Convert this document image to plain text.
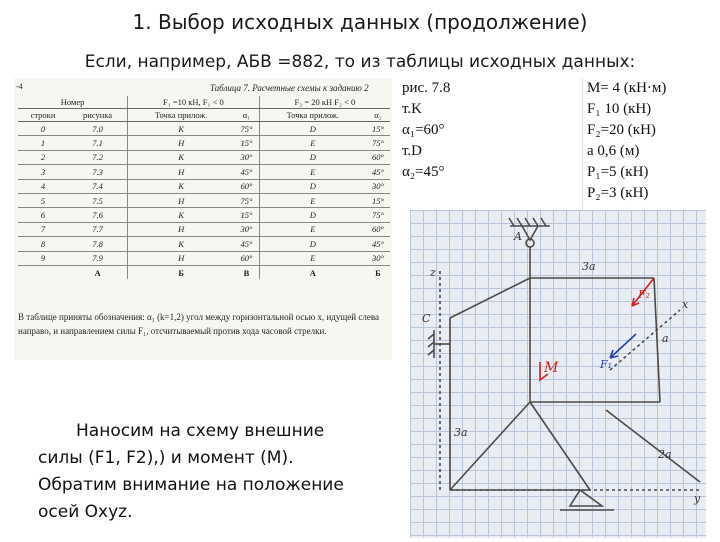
1. Выбор исходных данных (продолжение)
Если, например, АБВ =882, то из таблицы исходных данных:
-4	Таблица 7. Расчетные схемы к заданию 2
Номер		F₁ =10 кН, F₁ < 0		F₂ = 20 кН F₂ < 0	
строки	рисунка	Точка прилож.	α₁	Точка прилож.	α₂
0	7.0	K	75°	D	15°
1	7.1	H	15°	E	75°
2	7.2	K	30°	D	60°
3	7.3	H	45°	E	45°
4	7.4	K	60°	D	30°
5	7.5	H	75°	E	15°
6	7.6	K	15°	D	75°
7	7.7	H	30°	E	60°
8	7.8	K	45°	D	45°
9	7.9	H	60°	E	30°
	А	Б	В	А	Б
В таблице приняты обозначения: α₁ (k=1,2) угол между горизонтальной осью x, идущей слева направо, и направлением силы F₁, отсчитываемый против хода часовой стрелки.
рис. 7.8
т.K
α₁=60°
т.D
α₂=45°
M= 4 (кН·м)
F₁ 10 (кН)
F₂=20 (кН)
a 0,6 (м)
P₁=5 (кН)
P₂=3 (кН)
A
C
z	3a
F₂
x
M	F₁
y
2a
a
3a
Наносим на схему внешние
силы (F1, F2),) и момент (M).
Обратим внимание на положение
осей Oxyz.
